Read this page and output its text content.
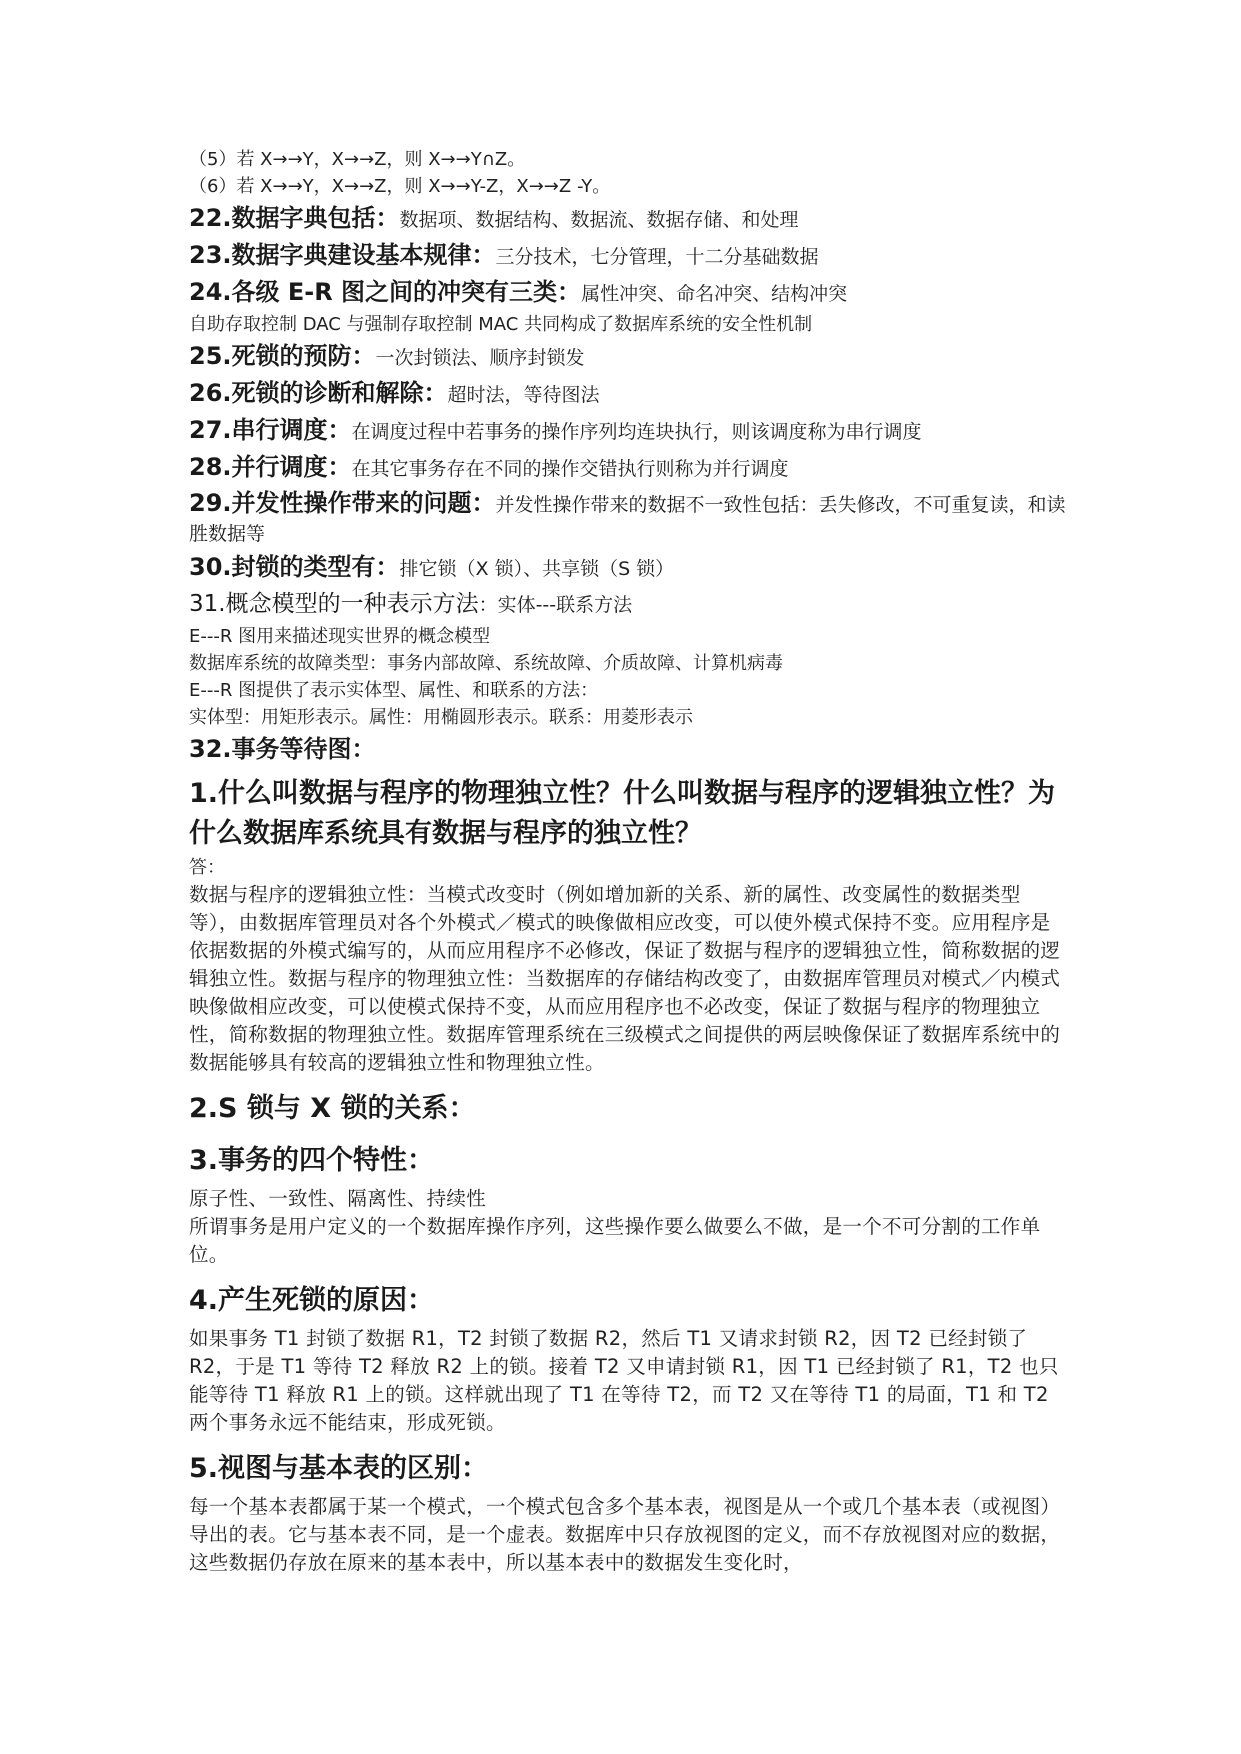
（5）若 X→→Y，X→→Z，则 X→→Y∩Z。
（6）若 X→→Y，X→→Z，则 X→→Y-Z，X→→Z -Y。
22.数据字典包括：数据项、数据结构、数据流、数据存储、和处理
23.数据字典建设基本规律：三分技术，七分管理，十二分基础数据
24.各级 E-R 图之间的冲突有三类：属性冲突、命名冲突、结构冲突
自助存取控制 DAC 与强制存取控制 MAC 共同构成了数据库系统的安全性机制
25.死锁的预防：一次封锁法、顺序封锁发
26.死锁的诊断和解除：超时法，等待图法
27.串行调度：在调度过程中若事务的操作序列均连块执行，则该调度称为串行调度
28.并行调度：在其它事务存在不同的操作交错执行则称为并行调度
29.并发性操作带来的问题：并发性操作带来的数据不一致性包括：丢失修改，不可重复读，和读胜数据等
30.封锁的类型有：排它锁（X 锁）、共享锁（S 锁）
31.概念模型的一种表示方法：实体---联系方法
E---R 图用来描述现实世界的概念模型
数据库系统的故障类型：事务内部故障、系统故障、介质故障、计算机病毒
E---R 图提供了表示实体型、属性、和联系的方法：
实体型：用矩形表示。属性：用椭圆形表示。联系：用菱形表示
32.事务等待图：
1.什么叫数据与程序的物理独立性？什么叫数据与程序的逻辑独立性？为什么数据库系统具有数据与程序的独立性？
答：
数据与程序的逻辑独立性：当模式改变时（例如增加新的关系、新的属性、改变属性的数据类型等），由数据库管理员对各个外模式／模式的映像做相应改变，可以使外模式保持不变。应用程序是依据数据的外模式编写的，从而应用程序不必修改，保证了数据与程序的逻辑独立性，简称数据的逻辑独立性。数据与程序的物理独立性：当数据库的存储结构改变了，由数据库管理员对模式／内模式映像做相应改变，可以使模式保持不变，从而应用程序也不必改变，保证了数据与程序的物理独立性，简称数据的物理独立性。数据库管理系统在三级模式之间提供的两层映像保证了数据库系统中的数据能够具有较高的逻辑独立性和物理独立性。
2.S 锁与 X 锁的关系：
3.事务的四个特性：
原子性、一致性、隔离性、持续性
所谓事务是用户定义的一个数据库操作序列，这些操作要么做要么不做，是一个不可分割的工作单位。
4.产生死锁的原因：
如果事务 T1 封锁了数据 R1，T2 封锁了数据 R2，然后 T1 又请求封锁 R2，因 T2 已经封锁了 R2，于是 T1 等待 T2 释放 R2 上的锁。接着 T2 又申请封锁 R1，因 T1 已经封锁了 R1，T2 也只能等待 T1 释放 R1 上的锁。这样就出现了 T1 在等待 T2，而 T2 又在等待 T1 的局面，T1 和 T2 两个事务永远不能结束，形成死锁。
5.视图与基本表的区别：
每一个基本表都属于某一个模式，一个模式包含多个基本表，视图是从一个或几个基本表（或视图）导出的表。它与基本表不同，是一个虚表。数据库中只存放视图的定义，而不存放视图对应的数据，这些数据仍存放在原来的基本表中，所以基本表中的数据发生变化时，
